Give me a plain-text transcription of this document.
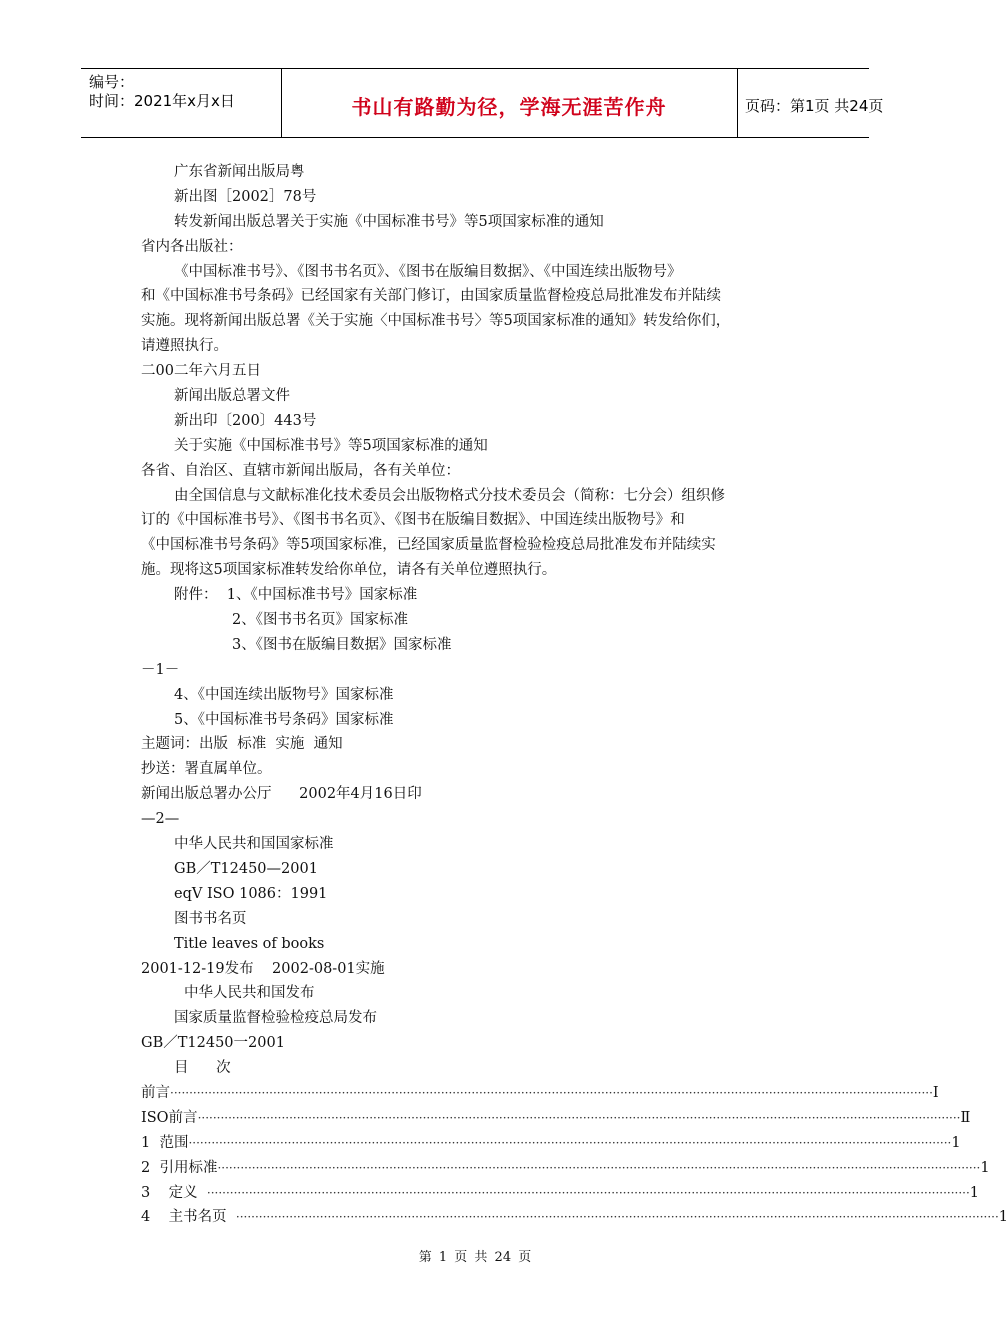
编号：
时间：2021年x月x日	书山有路勤为径，学海无涯苦作舟	页码：第1页 共24页
广东省新闻出版局粤
新出图［2002］78号
转发新闻出版总署关于实施《中国标准书号》等5项国家标准的通知
省内各出版社：
《中国标准书号》、《图书书名页》、《图书在版编目数据》、《中国连续出版物号》
和《中国标准书号条码》已经国家有关部门修订，由国家质量监督检疫总局批准发布并陆续
实施。现将新闻出版总署《关于实施〈中国标准书号〉等5项国家标准的通知》转发给你们，
请遵照执行。
二00二年六月五日
新闻出版总署文件
新出印〔200〕443号
关于实施《中国标准书号》等5项国家标准的通知
各省、自治区、直辖市新闻出版局，各有关单位：
由全国信息与文献标准化技术委员会出版物格式分技术委员会（简称：七分会）组织修
订的《中国标准书号》、《图书书名页》、《图书在版编目数据》、中国连续出版物号》和
《中国标准书号条码》等5项国家标准，已经国家质量监督检验检疫总局批准发布并陆续实
施。现将这5项国家标准转发给你单位，请各有关单位遵照执行。
附件：  1、《中国标准书号》国家标准
2、《图书书名页》国家标准
3、《图书在版编目数据》国家标准
－1－
4、《中国连续出版物号》国家标准
5、《中国标准书号条码》国家标准
主题词：出版  标准  实施  通知
抄送：署直属单位。
新闻出版总署办公厅      2002年4月16日印
—2—
中华人民共和国国家标准
GB／T12450—2001
eqV ISO 1086：1991
图书书名页
Title leaves of books
2001-12-19发布    2002-08-01实施
中华人民共和国发布
国家质量监督检验检疫总局发布
GB／T12450一2001
目      次
前言 ········································································································································································································ Ⅰ
ISO前言 ········································································································································································································ Ⅱ
1  范围 ········································································································································································································ 1
2  引用标准 ········································································································································································································ 1
3    定义 ········································································································································································································ 1
4    主书名页 ········································································································································································································ 1
第 1 页 共 24 页
